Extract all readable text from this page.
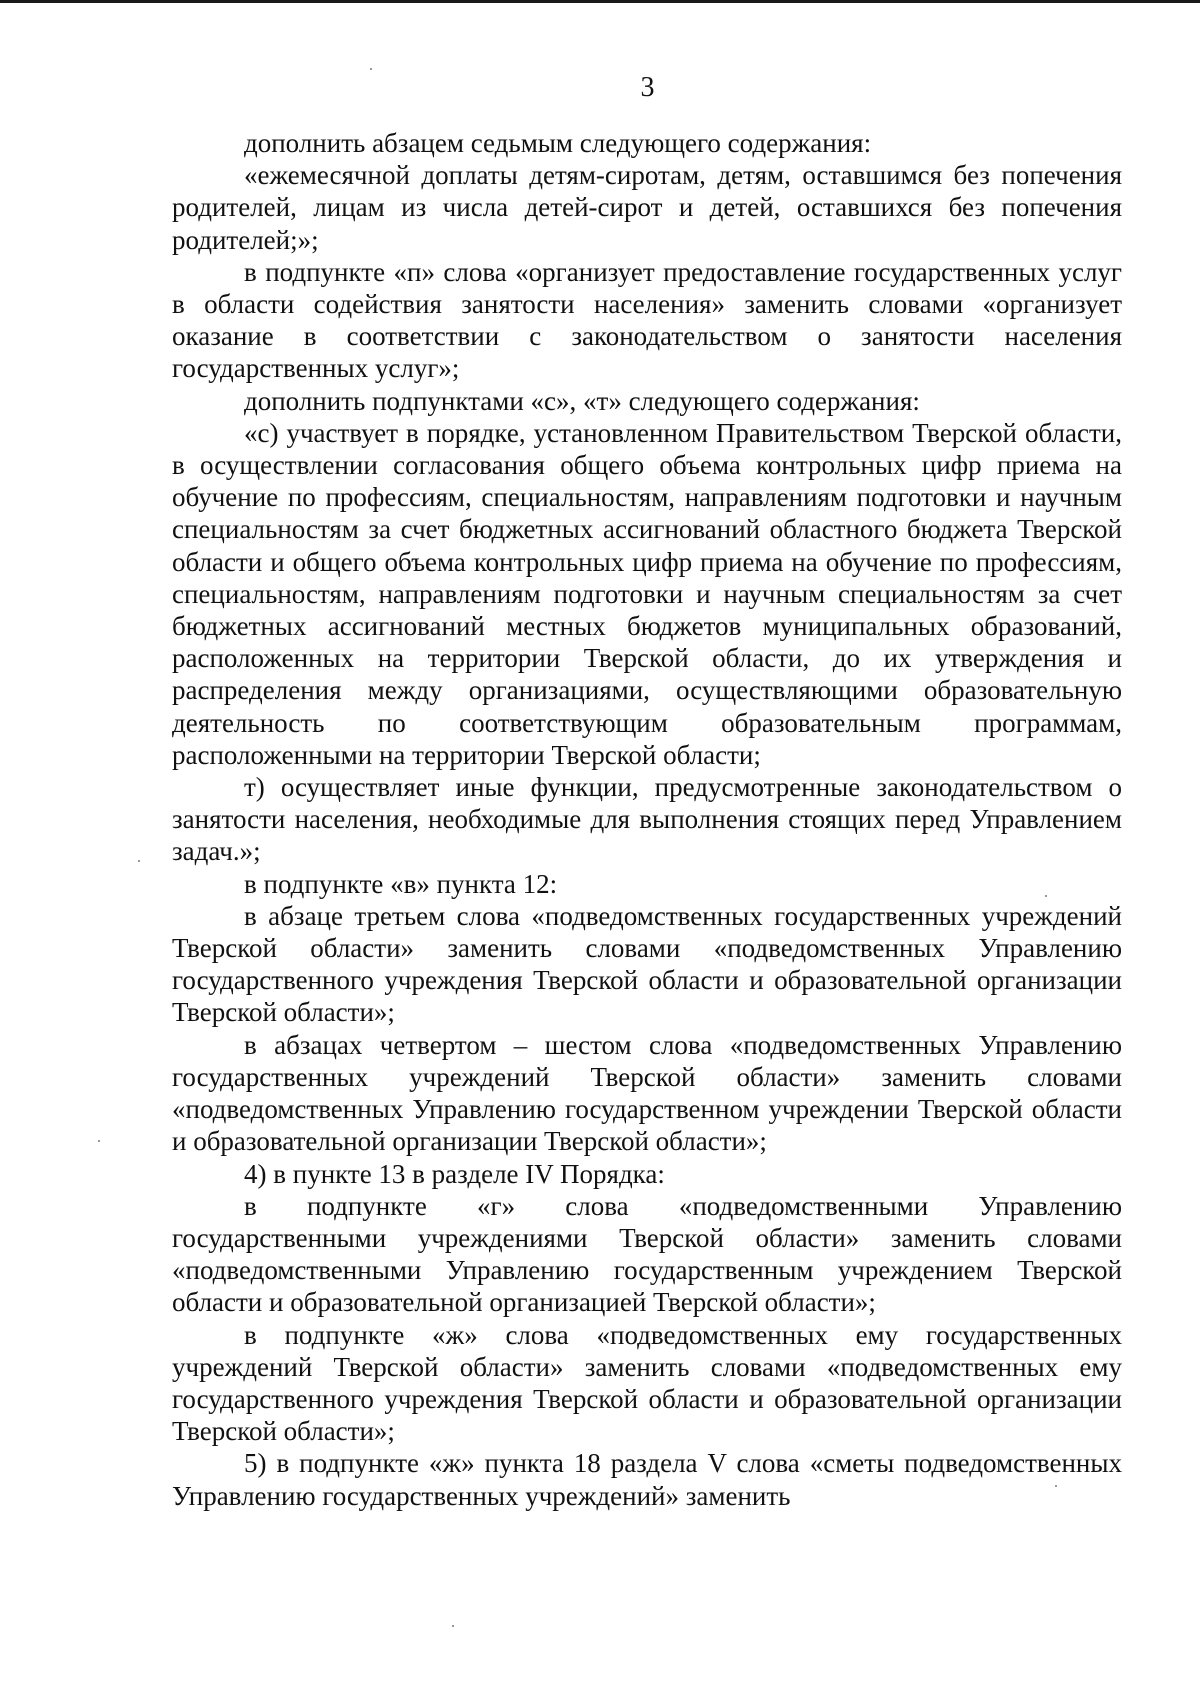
3

дополнить абзацем седьмым следующего содержания:

«ежемесячной доплаты детям-сиротам, детям, оставшимся без попечения родителей, лицам из числа детей-сирот и детей, оставшихся без попечения родителей;»;

в подпункте «п» слова «организует предоставление государственных услуг в области содействия занятости населения» заменить словами «организует оказание в соответствии с законодательством о занятости населения государственных услуг»;

дополнить подпунктами «с», «т» следующего содержания:

«с) участвует в порядке, установленном Правительством Тверской области, в осуществлении согласования общего объема контрольных цифр приема на обучение по профессиям, специальностям, направлениям подготовки и научным специальностям за счет бюджетных ассигнований областного бюджета Тверской области и общего объема контрольных цифр приема на обучение по профессиям, специальностям, направлениям подготовки и научным специальностям за счет бюджетных ассигнований местных бюджетов муниципальных образований, расположенных на территории Тверской области, до их утверждения и распределения между организациями, осуществляющими образовательную деятельность по соответствующим образовательным программам, расположенными на территории Тверской области;

т) осуществляет иные функции, предусмотренные законодательством о занятости населения, необходимые для выполнения стоящих перед Управлением задач.»;

в подпункте «в» пункта 12:

в абзаце третьем слова «подведомственных государственных учреждений Тверской области» заменить словами «подведомственных Управлению государственного учреждения Тверской области и образовательной организации Тверской области»;

в абзацах четвертом – шестом слова «подведомственных Управлению государственных учреждений Тверской области» заменить словами «подведомственных Управлению государственном учреждении Тверской области и образовательной организации Тверской области»;

4) в пункте 13 в разделе IV Порядка:

в подпункте «г» слова «подведомственными Управлению государственными учреждениями Тверской области» заменить словами «подведомственными Управлению государственным учреждением Тверской области и образовательной организацией Тверской области»;

в подпункте «ж» слова «подведомственных ему государственных учреждений Тверской области» заменить словами «подведомственных ему государственного учреждения Тверской области и образовательной организации Тверской области»;

5) в подпункте «ж» пункта 18 раздела V слова «сметы подведомственных Управлению государственных учреждений» заменить
